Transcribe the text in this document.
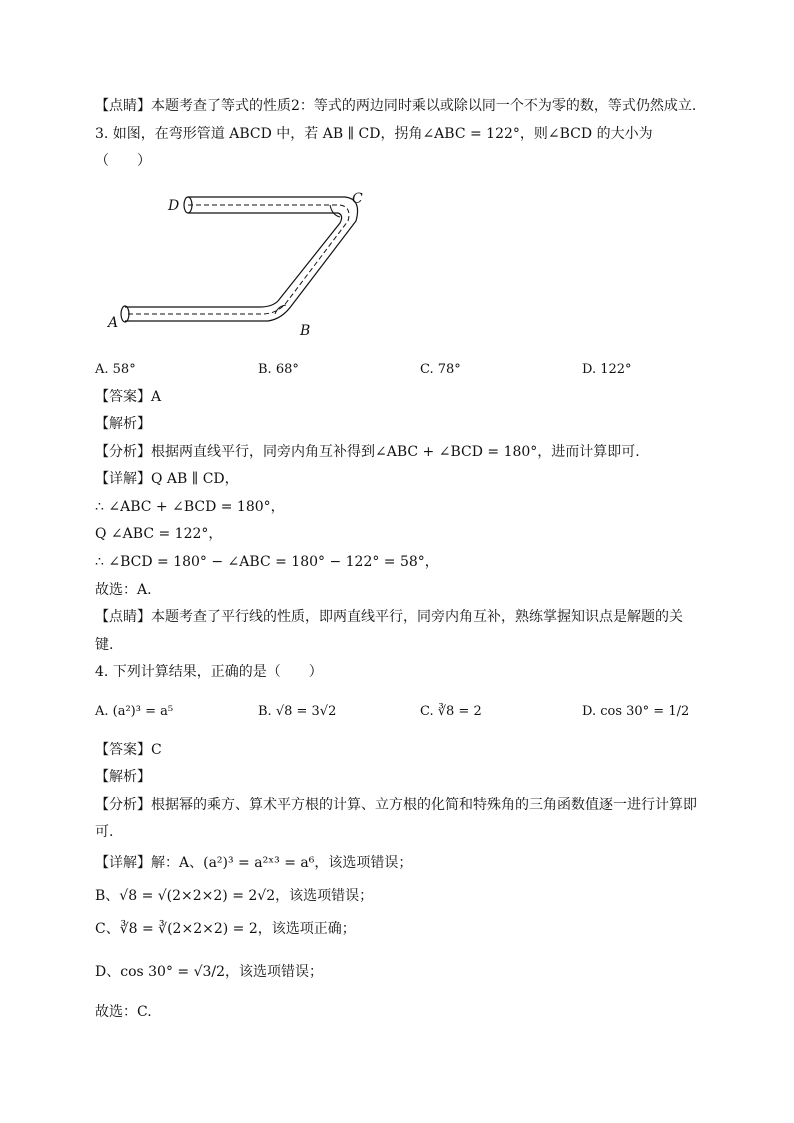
【点睛】本题考查了等式的性质2：等式的两边同时乘以或除以同一个不为零的数，等式仍然成立.
3. 如图，在弯形管道 ABCD 中，若 AB ∥ CD，拐角∠ABC = 122°，则∠BCD 的大小为
（　　）
D	C
A	B
A. 58°	B. 68°	C. 78°	D. 122°
【答案】A
【解析】
【分析】根据两直线平行，同旁内角互补得到∠ABC + ∠BCD = 180°，进而计算即可.
【详解】Q AB ∥ CD，
∴ ∠ABC + ∠BCD = 180°，
Q ∠ABC = 122°，
∴ ∠BCD = 180° − ∠ABC = 180° − 122° = 58°，
故选：A.
【点睛】本题考查了平行线的性质，即两直线平行，同旁内角互补，熟练掌握知识点是解题的关
键.
4. 下列计算结果，正确的是（　　）
A. (a²)³ = a⁵	B. √8 = 3√2	C. ∛8 = 2	D. cos 30° = 1/2
【答案】C
【解析】
【分析】根据幂的乘方、算术平方根的计算、立方根的化简和特殊角的三角函数值逐一进行计算即
可.
【详解】解：A、(a²)³ = a²ˣ³ = a⁶，该选项错误；
B、√8 = √(2×2×2) = 2√2，该选项错误；
C、∛8 = ∛(2×2×2) = 2，该选项正确；
D、cos 30° = √3/2，该选项错误；
故选：C.
